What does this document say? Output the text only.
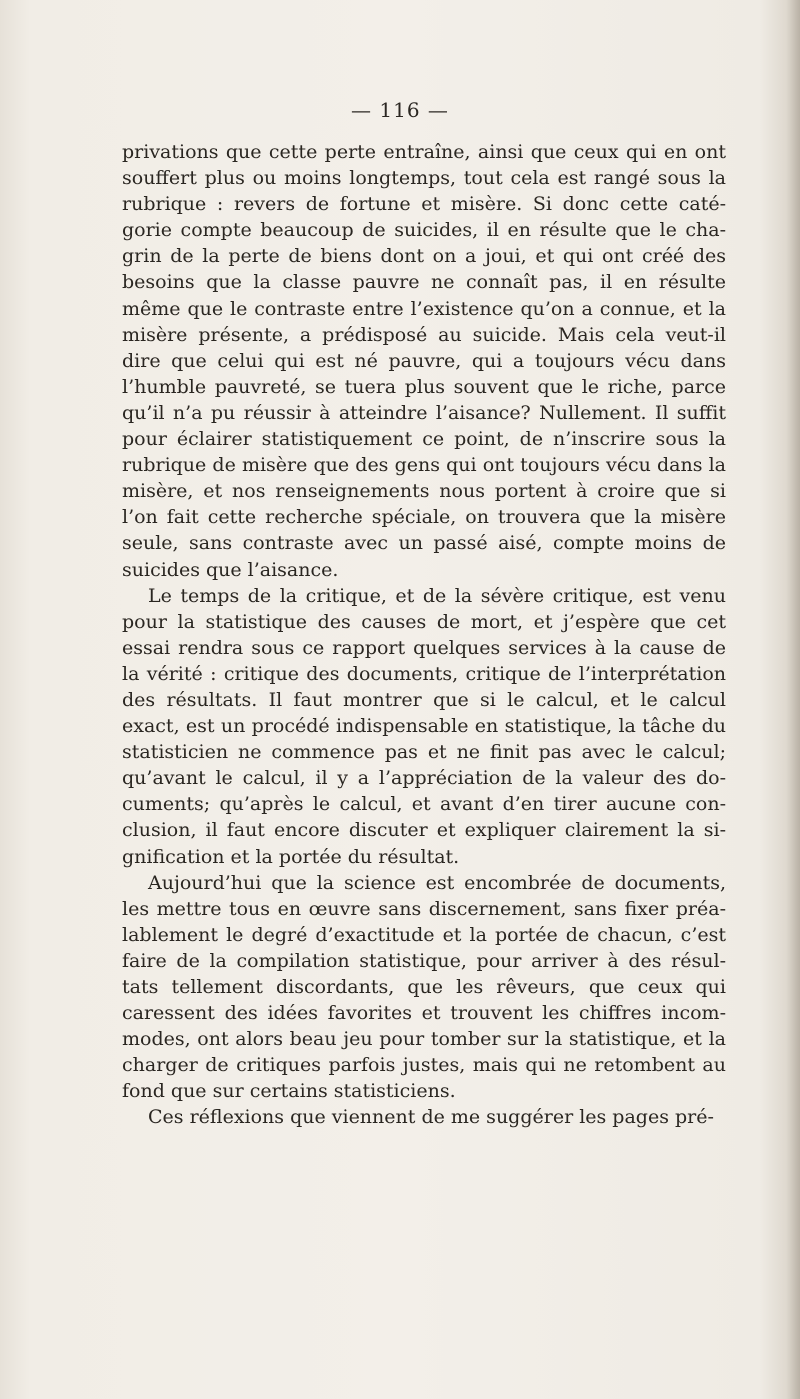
— 116 —

privations que cette perte entraîne, ainsi que ceux qui en ont souffert plus ou moins longtemps, tout cela est rangé sous la rubrique : revers de fortune et misère. Si donc cette caté-gorie compte beaucoup de suicides, il en résulte que le cha-grin de la perte de biens dont on a joui, et qui ont créé des besoins que la classe pauvre ne connaît pas, il en résulte même que le contraste entre l’existence qu’on a connue, et la misère présente, a prédisposé au suicide. Mais cela veut-il dire que celui qui est né pauvre, qui a toujours vécu dans l’humble pauvreté, se tuera plus souvent que le riche, parce qu’il n’a pu réussir à atteindre l’aisance? Nullement. Il suffit pour éclairer statistiquement ce point, de n’inscrire sous la rubrique de misère que des gens qui ont toujours vécu dans la misère, et nos renseignements nous portent à croire que si l’on fait cette recherche spéciale, on trouvera que la misère seule, sans contraste avec un passé aisé, compte moins de suicides que l’aisance.

Le temps de la critique, et de la sévère critique, est venu pour la statistique des causes de mort, et j’espère que cet essai rendra sous ce rapport quelques services à la cause de la vérité : critique des documents, critique de l’interprétation des résultats. Il faut montrer que si le calcul, et le calcul exact, est un procédé indispensable en statistique, la tâche du statisticien ne commence pas et ne finit pas avec le calcul; qu’avant le calcul, il y a l’appréciation de la valeur des do-cuments; qu’après le calcul, et avant d’en tirer aucune con-clusion, il faut encore discuter et expliquer clairement la si-gnification et la portée du résultat.

Aujourd’hui que la science est encombrée de documents, les mettre tous en œuvre sans discernement, sans fixer préa-lablement le degré d’exactitude et la portée de chacun, c’est faire de la compilation statistique, pour arriver à des résul-tats tellement discordants, que les rêveurs, que ceux qui caressent des idées favorites et trouvent les chiffres incom-modes, ont alors beau jeu pour tomber sur la statistique, et la charger de critiques parfois justes, mais qui ne retombent au fond que sur certains statisticiens.

Ces réflexions que viennent de me suggérer les pages pré-
